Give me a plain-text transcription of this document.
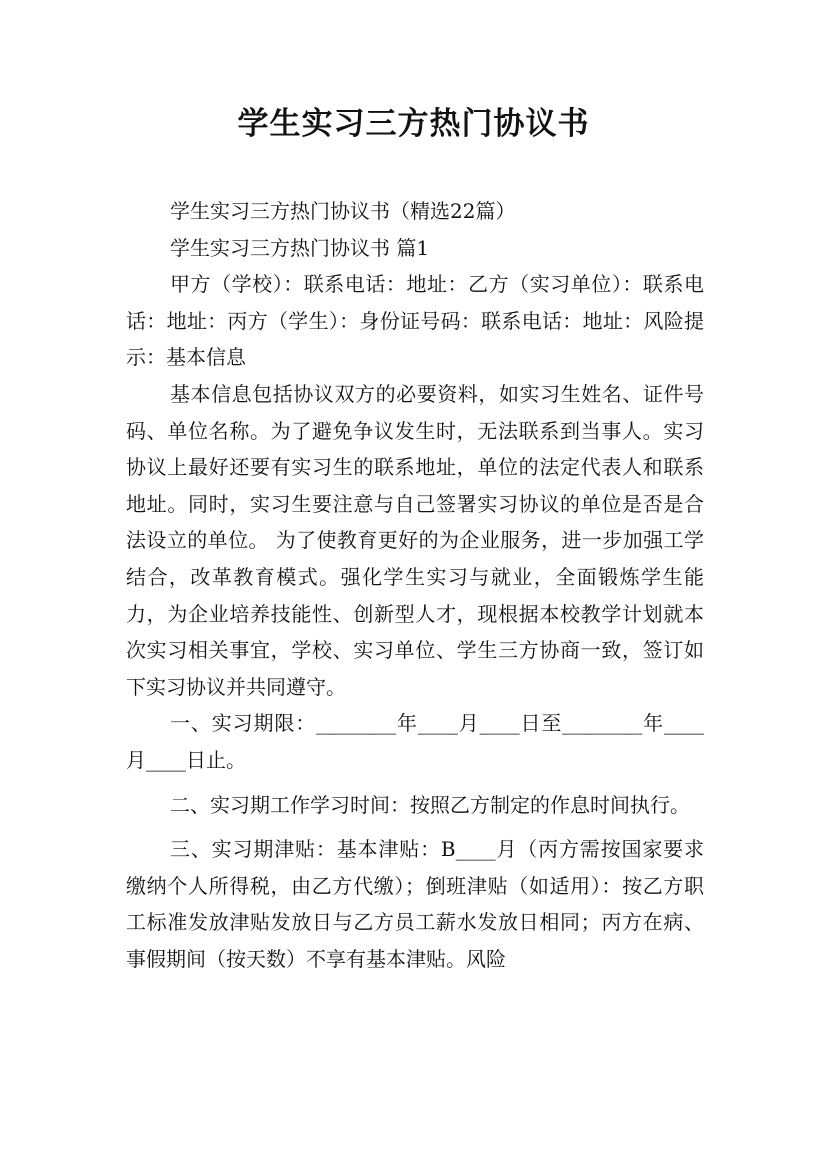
学生实习三方热门协议书

学生实习三方热门协议书（精选22篇）

学生实习三方热门协议书 篇1

甲方（学校）：联系电话：地址：乙方（实习单位）：联系电话：地址：丙方（学生）：身份证号码：联系电话：地址：风险提示：基本信息

基本信息包括协议双方的必要资料，如实习生姓名、证件号码、单位名称。为了避免争议发生时，无法联系到当事人。实习协议上最好还要有实习生的联系地址，单位的法定代表人和联系地址。同时，实习生要注意与自己签署实习协议的单位是否是合法设立的单位。 为了使教育更好的为企业服务，进一步加强工学结合，改革教育模式。强化学生实习与就业，全面锻炼学生能力，为企业培养技能性、创新型人才，现根据本校教学计划就本次实习相关事宜，学校、实习单位、学生三方协商一致，签订如下实习协议并共同遵守。

一、实习期限：________年____月____日至________年____月____日止。

二、实习期工作学习时间：按照乙方制定的作息时间执行。

三、实习期津贴：基本津贴：B____月（丙方需按国家要求缴纳个人所得税，由乙方代缴）；倒班津贴（如适用）：按乙方职工标准发放津贴发放日与乙方员工薪水发放日相同；丙方在病、事假期间（按天数）不享有基本津贴。风险
